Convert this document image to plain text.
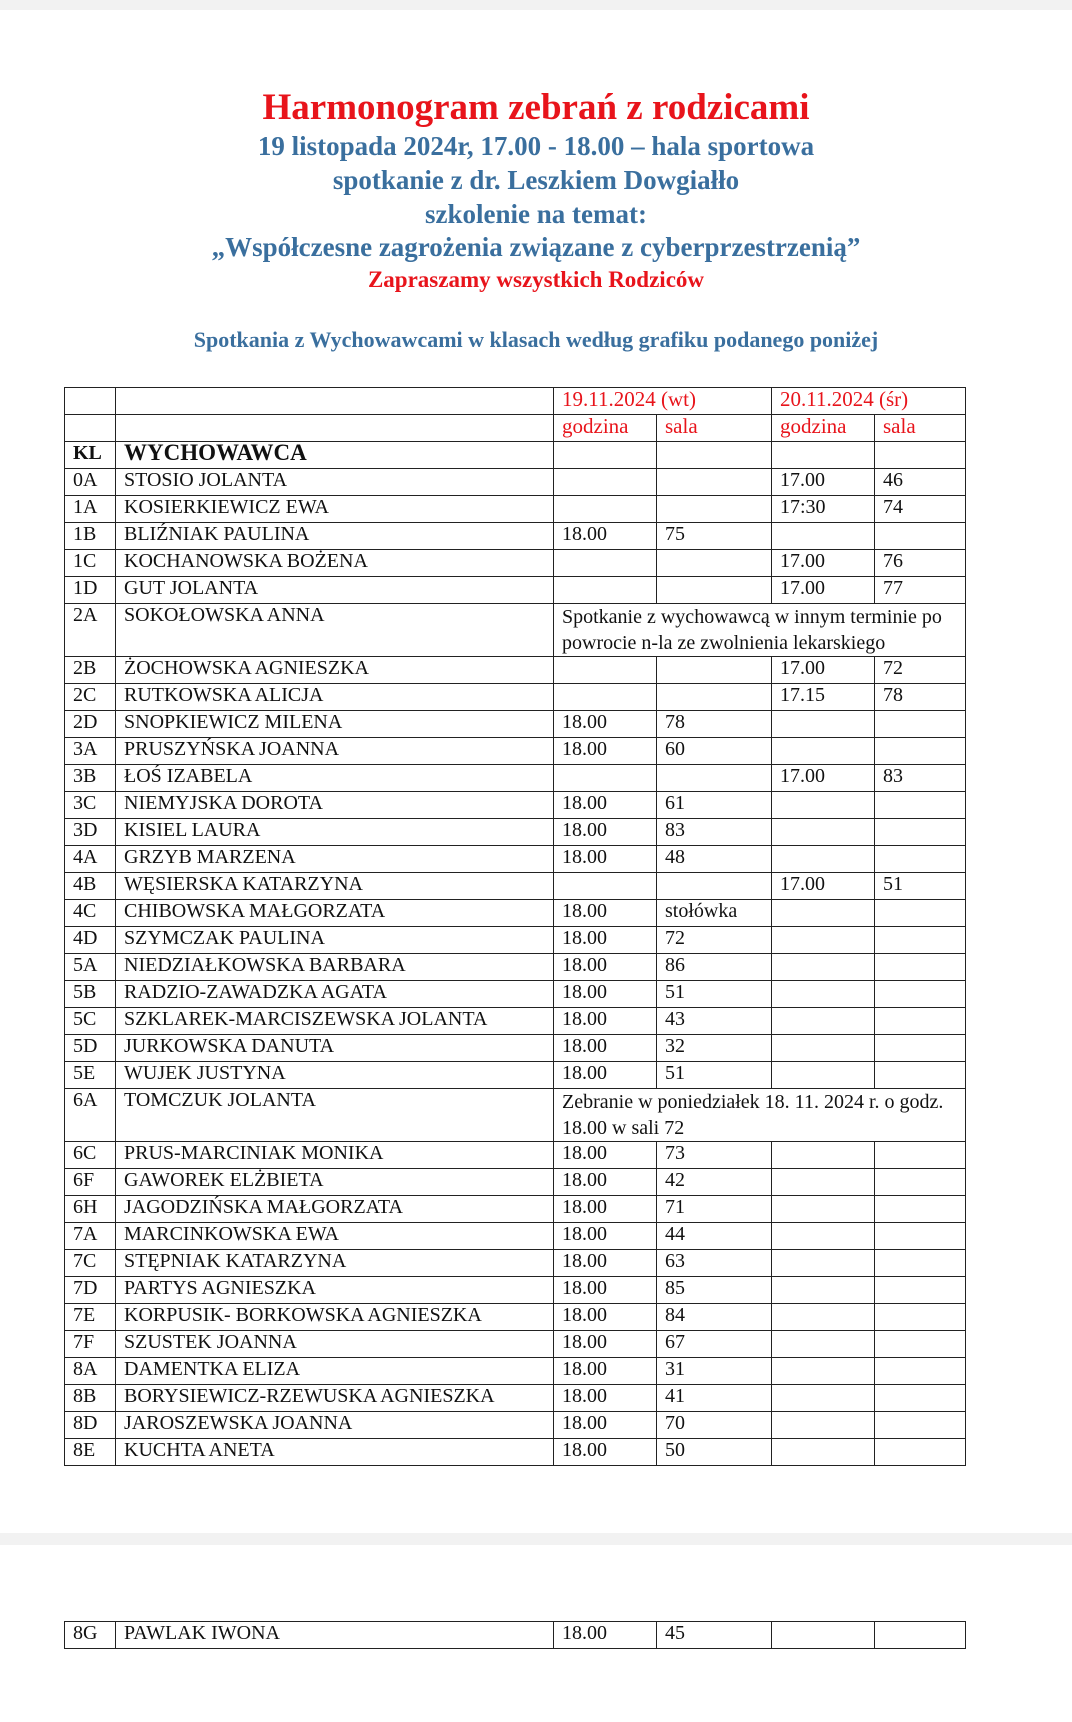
Harmonogram zebrań z rodzicami
19 listopada 2024r, 17.00 - 18.00 – hala sportowa
spotkanie z dr. Leszkiem Dowgiałło
szkolenie na temat:
„Współczesne zagrożenia związane z cyberprzestrzenią”
Zapraszamy wszystkich Rodziców
Spotkania z Wychowawcami w klasach według grafiku podanego poniżej
		19.11.2024 (wt)		20.11.2024 (śr)	
		godzina	sala	godzina	sala
KL	WYCHOWAWCA				
0A	STOSIO JOLANTA			17.00	46
1A	KOSIERKIEWICZ EWA			17:30	74
1B	BLIŹNIAK PAULINA	18.00	75		
1C	KOCHANOWSKA BOŻENA			17.00	76
1D	GUT JOLANTA			17.00	77
2A	SOKOŁOWSKA ANNA	Spotkanie z wychowawcą w innym terminie po powrocie n-la ze zwolnienia lekarskiego			
2B	ŻOCHOWSKA AGNIESZKA			17.00	72
2C	RUTKOWSKA ALICJA			17.15	78
2D	SNOPKIEWICZ MILENA	18.00	78		
3A	PRUSZYŃSKA JOANNA	18.00	60		
3B	ŁOŚ IZABELA			17.00	83
3C	NIEMYJSKA DOROTA	18.00	61		
3D	KISIEL LAURA	18.00	83		
4A	GRZYB MARZENA	18.00	48		
4B	WĘSIERSKA KATARZYNA			17.00	51
4C	CHIBOWSKA MAŁGORZATA	18.00	stołówka		
4D	SZYMCZAK PAULINA	18.00	72		
5A	NIEDZIAŁKOWSKA BARBARA	18.00	86		
5B	RADZIO-ZAWADZKA AGATA	18.00	51		
5C	SZKLAREK-MARCISZEWSKA JOLANTA	18.00	43		
5D	JURKOWSKA DANUTA	18.00	32		
5E	WUJEK JUSTYNA	18.00	51		
6A	TOMCZUK JOLANTA	Zebranie w poniedziałek 18. 11. 2024 r. o godz. 18.00 w sali 72			
6C	PRUS-MARCINIAK MONIKA	18.00	73		
6F	GAWOREK ELŻBIETA	18.00	42		
6H	JAGODZIŃSKA MAŁGORZATA	18.00	71		
7A	MARCINKOWSKA EWA	18.00	44		
7C	STĘPNIAK KATARZYNA	18.00	63		
7D	PARTYS AGNIESZKA	18.00	85		
7E	KORPUSIK- BORKOWSKA AGNIESZKA	18.00	84		
7F	SZUSTEK JOANNA	18.00	67		
8A	DAMENTKA ELIZA	18.00	31		
8B	BORYSIEWICZ-RZEWUSKA AGNIESZKA	18.00	41		
8D	JAROSZEWSKA JOANNA	18.00	70		
8E	KUCHTA ANETA	18.00	50		
8G	PAWLAK IWONA	18.00	45		
